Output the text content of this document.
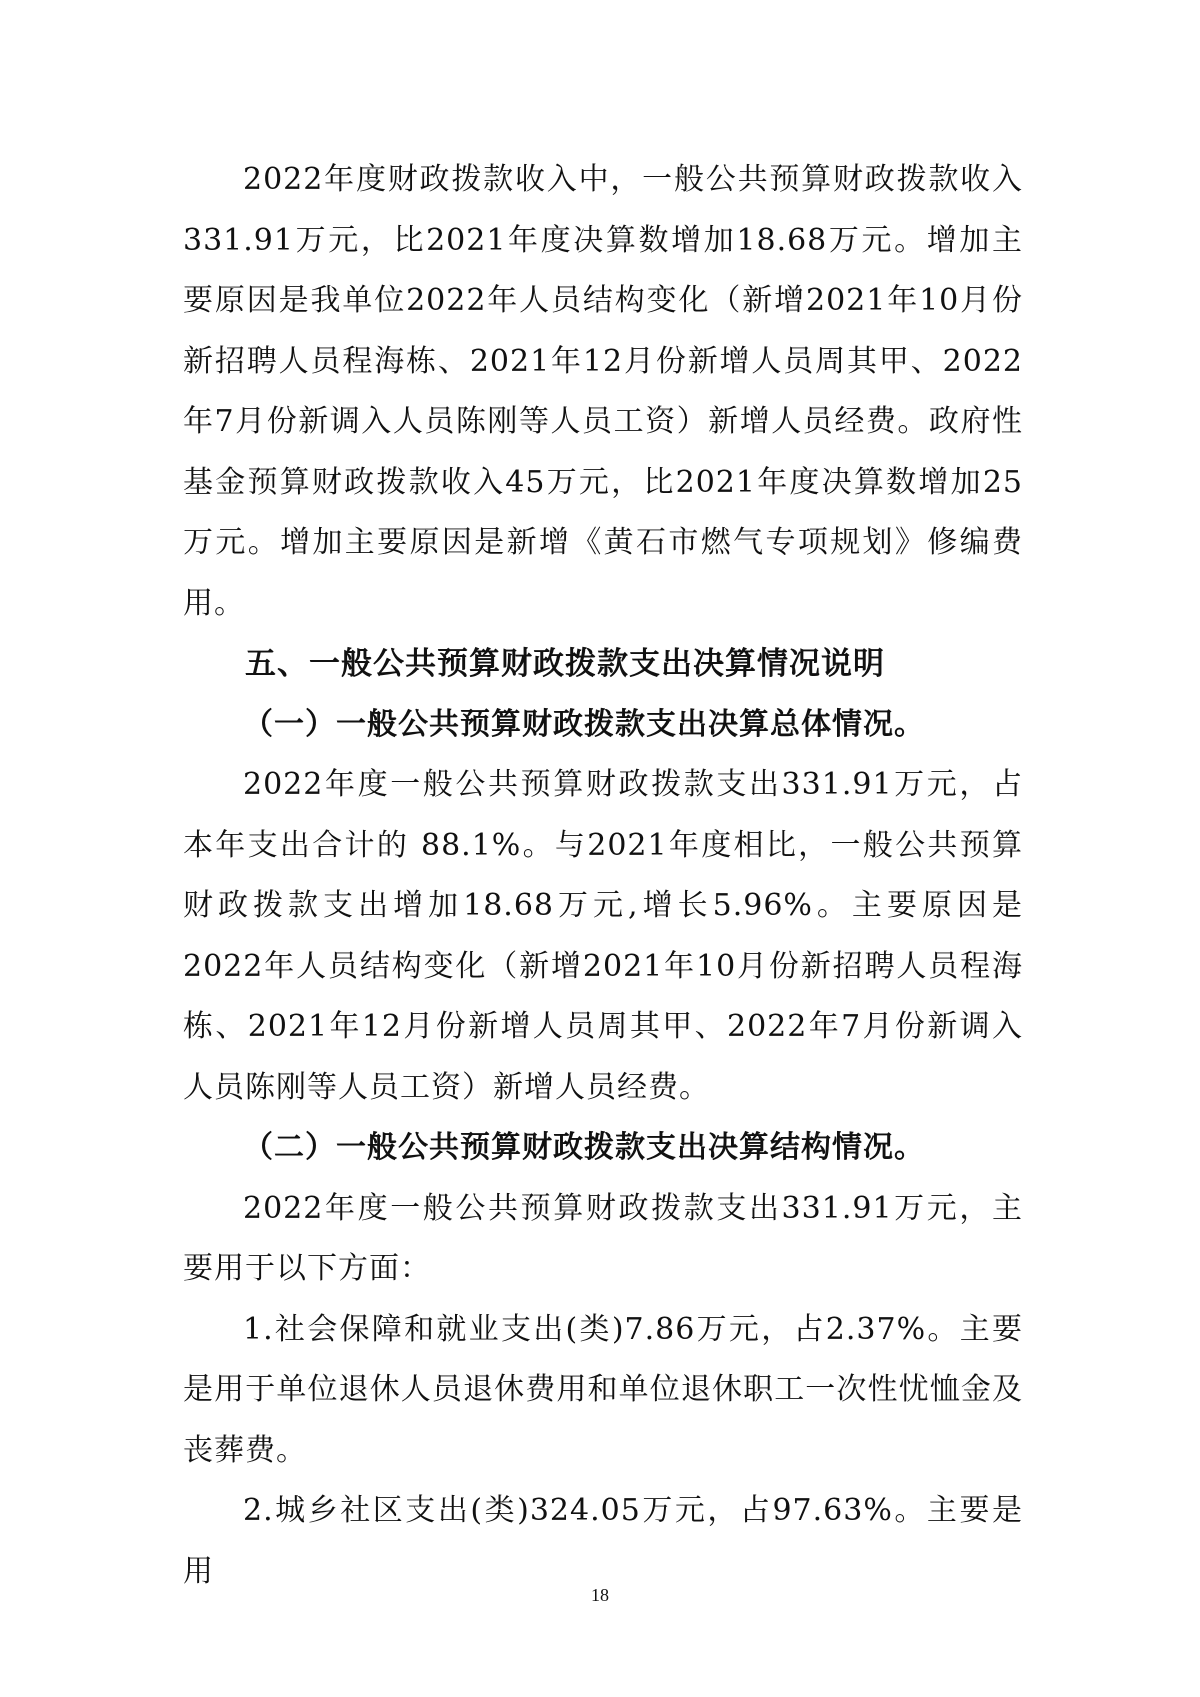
2022年度财政拨款收入中，一般公共预算财政拨款收入331.91万元，比2021年度决算数增加18.68万元。增加主要原因是我单位2022年人员结构变化（新增2021年10月份新招聘人员程海栋、2021年12月份新增人员周其甲、2022年7月份新调入人员陈刚等人员工资）新增人员经费。政府性基金预算财政拨款收入45万元，比2021年度决算数增加25万元。增加主要原因是新增《黄石市燃气专项规划》修编费用。

五、一般公共预算财政拨款支出决算情况说明

（一）一般公共预算财政拨款支出决算总体情况。

2022年度一般公共预算财政拨款支出331.91万元，占本年支出合计的 88.1%。与2021年度相比，一般公共预算财政拨款支出增加18.68万元,增长5.96%。主要原因是2022年人员结构变化（新增2021年10月份新招聘人员程海栋、2021年12月份新增人员周其甲、2022年7月份新调入人员陈刚等人员工资）新增人员经费。

（二）一般公共预算财政拨款支出决算结构情况。

2022年度一般公共预算财政拨款支出331.91万元，主要用于以下方面：

1.社会保障和就业支出(类)7.86万元，占2.37%。主要是用于单位退休人员退休费用和单位退休职工一次性忧恤金及丧葬费。

2.城乡社区支出(类)324.05万元，占97.63%。主要是用

18
